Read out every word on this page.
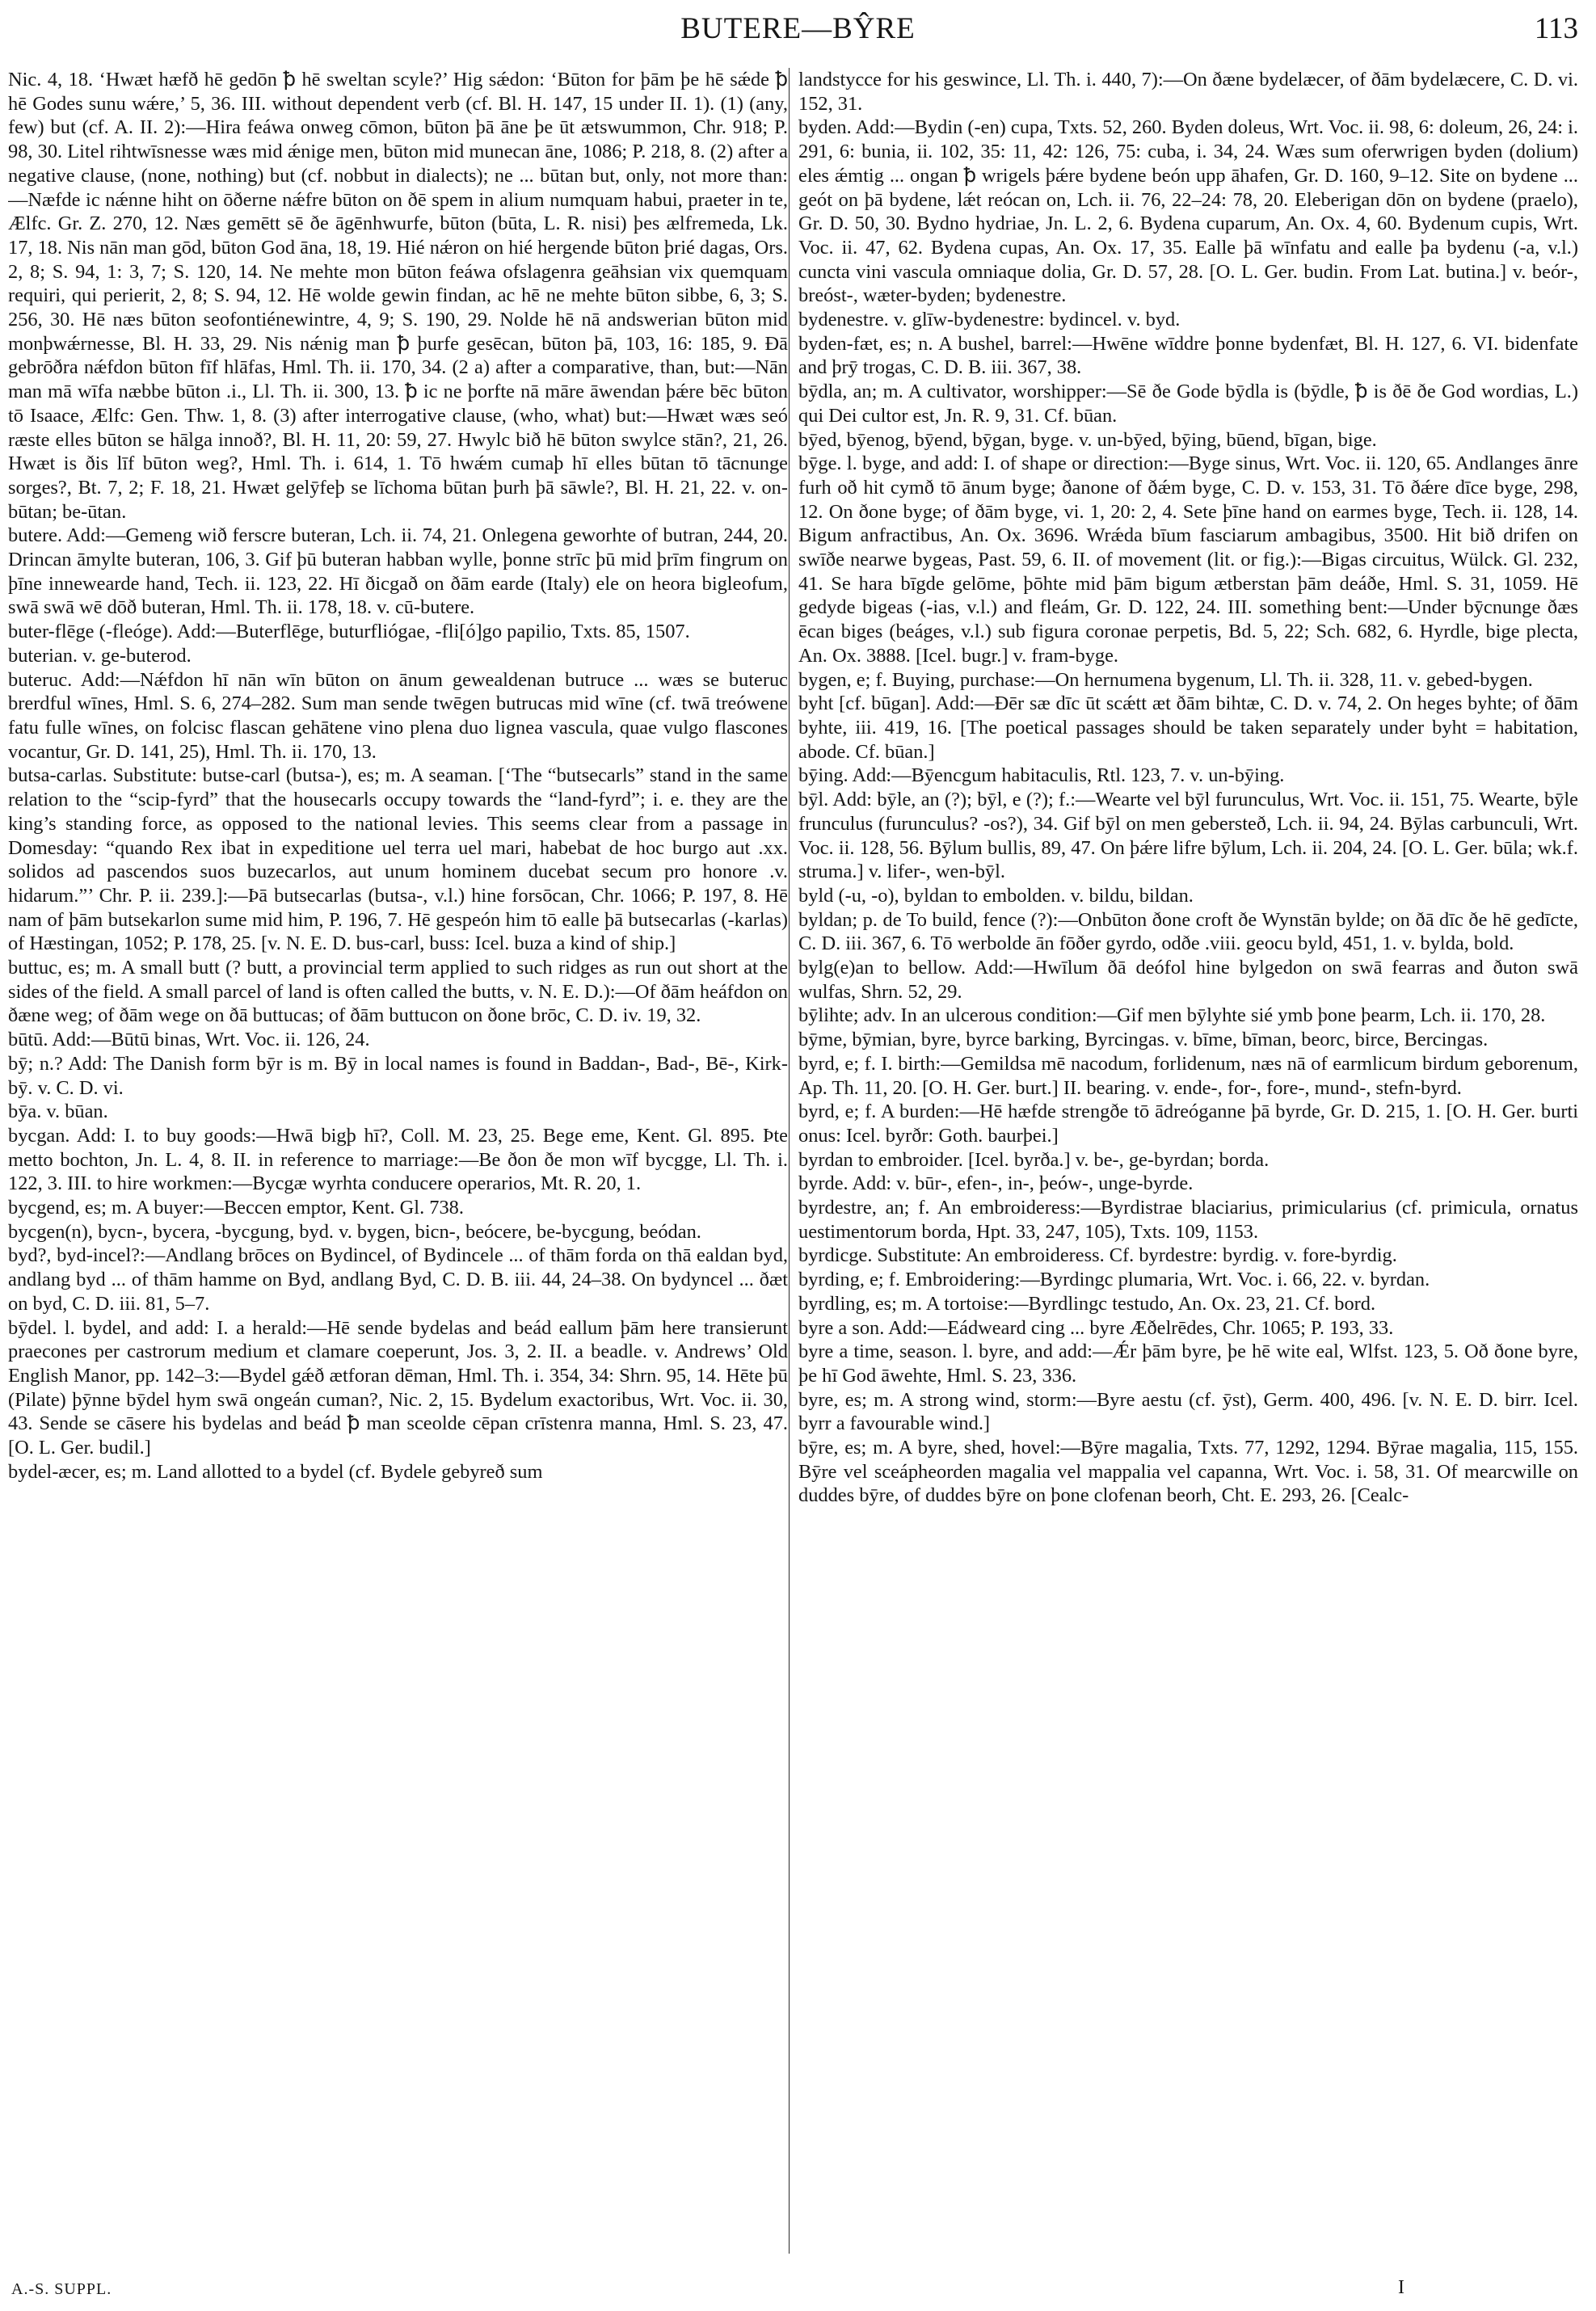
BUTERE—BŶRE	113

Nic. 4, 18. ‘Hwæt hæfð hē gedōn ꝥ hē sweltan scyle?’ Hig sǽdon: ‘Būton for þām þe hē sǽde ꝥ hē Godes sunu wǽre,’ 5, 36. III. without dependent verb (cf. Bl. H. 147, 15 under II. 1). (1) (any, few) but (cf. A. II. 2):—Hira feáwa onweg cōmon, būton þā āne þe ūt ætswummon, Chr. 918; P. 98, 30. Litel rihtwīsnesse wæs mid ǽnige men, būton mid munecan āne, 1086; P. 218, 8. (2) after a negative clause, (none, nothing) but (cf. nobbut in dialects); ne ... būtan but, only, not more than:—Næfde ic nǽnne hiht on ōðerne nǽfre būton on ðē spem in alium numquam habui, praeter in te, Ælfc. Gr. Z. 270, 12. Næs gemētt sē ðe āgēnhwurfe, būton (būta, L. R. nisi) þes ælfremeda, Lk. 17, 18. Nis nān man gōd, būton God āna, 18, 19. Hié nǽron on hié hergende būton þrié dagas, Ors. 2, 8; S. 94, 1: 3, 7; S. 120, 14. Ne mehte mon būton feáwa ofslagenra geāhsian vix quemquam requiri, qui perierit, 2, 8; S. 94, 12. Hē wolde gewin findan, ac hē ne mehte būton sibbe, 6, 3; S. 256, 30. Hē næs būton seofontiénewintre, 4, 9; S. 190, 29. Nolde hē nā andswerian būton mid monþwǽrnesse, Bl. H. 33, 29. Nis nǽnig man ꝥ þurfe gesēcan, būton þā, 103, 16: 185, 9. Ðā gebrōðra nǽfdon būton fīf hlāfas, Hml. Th. ii. 170, 34. (2 a) after a comparative, than, but:—Nān man mā wīfa næbbe būton .i., Ll. Th. ii. 300, 13. ꝥ ic ne þorfte nā māre āwendan þǽre bēc būton tō Isaace, Ælfc: Gen. Thw. 1, 8. (3) after interrogative clause, (who, what) but:—Hwæt wæs seó ræste elles būton se hālga innoð?, Bl. H. 11, 20: 59, 27. Hwylc bið hē būton swylce stān?, 21, 26. Hwæt is ðis līf būton weg?, Hml. Th. i. 614, 1. Tō hwǽm cumaþ hī elles būtan tō tācnunge sorges?, Bt. 7, 2; F. 18, 21. Hwæt gelȳfeþ se līchoma būtan þurh þā sāwle?, Bl. H. 21, 22. v. on-būtan; be-ūtan.

butere. Add:—Gemeng wið ferscre buteran, Lch. ii. 74, 21. Onlegena geworhte of butran, 244, 20. Drincan āmylte buteran, 106, 3. Gif þū buteran habban wylle, þonne strīc þū mid þrīm fingrum on þīne innewearde hand, Tech. ii. 123, 22. Hī ðicgað on ðām earde (Italy) ele on heora bigleofum, swā swā wē dōð buteran, Hml. Th. ii. 178, 18. v. cū-butere.

buter-flēge (-fleóge). Add:—Buterflēge, buturfliógae, -fli[ó]go papilio, Txts. 85, 1507.

buterian. v. ge-buterod.

buteruc. Add:—Nǽfdon hī nān wīn būton on ānum gewealdenan butruce ... wæs se buteruc brerdful wīnes, Hml. S. 6, 274–282. Sum man sende twēgen butrucas mid wīne (cf. twā treówene fatu fulle wīnes, on folcisc flascan gehātene vino plena duo lignea vascula, quae vulgo flascones vocantur, Gr. D. 141, 25), Hml. Th. ii. 170, 13.

butsa-carlas. Substitute: butse-carl (butsa-), es; m. A seaman. [‘The “butsecarls” stand in the same relation to the “scip-fyrd” that the housecarls occupy towards the “land-fyrd”; i. e. they are the king’s standing force, as opposed to the national levies. This seems clear from a passage in Domesday: “quando Rex ibat in expeditione uel terra uel mari, habebat de hoc burgo aut .xx. solidos ad pascendos suos buzecarlos, aut unum hominem ducebat secum pro honore .v. hidarum.”’ Chr. P. ii. 239.]:—Þā butsecarlas (butsa-, v.l.) hine forsōcan, Chr. 1066; P. 197, 8. Hē nam of þām butsekarlon sume mid him, P. 196, 7. Hē gespeón him tō ealle þā butsecarlas (-karlas) of Hæstingan, 1052; P. 178, 25. [v. N. E. D. bus-carl, buss: Icel. buza a kind of ship.]

buttuc, es; m. A small butt (? butt, a provincial term applied to such ridges as run out short at the sides of the field. A small parcel of land is often called the butts, v. N. E. D.):—Of ðām heáfdon on ðæne weg; of ðām wege on ðā buttucas; of ðām buttucon on ðone brōc, C. D. iv. 19, 32.

būtū. Add:—Būtū binas, Wrt. Voc. ii. 126, 24.

bȳ; n.? Add: The Danish form bȳr is m. Bȳ in local names is found in Baddan-, Bad-, Bē-, Kirk-bȳ. v. C. D. vi.

bȳa. v. būan.

bycgan. Add: I. to buy goods:—Hwā bigþ hī?, Coll. M. 23, 25. Bege eme, Kent. Gl. 895. Þte metto bochton, Jn. L. 4, 8. II. in reference to marriage:—Be ðon ðe mon wīf bycgge, Ll. Th. i. 122, 3. III. to hire workmen:—Bycgæ wyrhta conducere operarios, Mt. R. 20, 1.

bycgend, es; m. A buyer:—Beccen emptor, Kent. Gl. 738.

bycgen(n), bycn-, bycera, -bycgung, byd. v. bygen, bicn-, beócere, be-bycgung, beódan.

byd?, byd-incel?:—Andlang brōces on Bydincel, of Bydincele ... of thām forda on thā ealdan byd, andlang byd ... of thām hamme on Byd, andlang Byd, C. D. B. iii. 44, 24–38. On bydyncel ... ðæt on byd, C. D. iii. 81, 5–7.

bȳdel. l. bydel, and add: I. a herald:—Hē sende bydelas and beád eallum þām here transierunt praecones per castrorum medium et clamare coeperunt, Jos. 3, 2. II. a beadle. v. Andrews’ Old English Manor, pp. 142–3:—Bydel gǽð ætforan dēman, Hml. Th. i. 354, 34: Shrn. 95, 14. Hēte þū (Pilate) þȳnne bȳdel hym swā ongeán cuman?, Nic. 2, 15. Bydelum exactoribus, Wrt. Voc. ii. 30, 43. Sende se cāsere his bydelas and beád ꝥ man sceolde cēpan crīstenra manna, Hml. S. 23, 47. [O. L. Ger. budil.]

bydel-æcer, es; m. Land allotted to a bydel (cf. Bydele gebyreð sum

landstycce for his geswince, Ll. Th. i. 440, 7):—On ðæne bydelæcer, of ðām bydelæcere, C. D. vi. 152, 31.

byden. Add:—Bydin (-en) cupa, Txts. 52, 260. Byden doleus, Wrt. Voc. ii. 98, 6: doleum, 26, 24: i. 291, 6: bunia, ii. 102, 35: 11, 42: 126, 75: cuba, i. 34, 24. Wæs sum oferwrigen byden (dolium) eles ǽmtig ... ongan ꝥ wrigels þǽre bydene beón upp āhafen, Gr. D. 160, 9–12. Site on bydene ... geót on þā bydene, lǽt reócan on, Lch. ii. 76, 22–24: 78, 20. Eleberigan dōn on bydene (praelo), Gr. D. 50, 30. Bydno hydriae, Jn. L. 2, 6. Bydena cuparum, An. Ox. 4, 60. Bydenum cupis, Wrt. Voc. ii. 47, 62. Bydena cupas, An. Ox. 17, 35. Ealle þā wīnfatu and ealle þa bydenu (-a, v.l.) cuncta vini vascula omniaque dolia, Gr. D. 57, 28. [O. L. Ger. budin. From Lat. butina.] v. beór-, breóst-, wæter-byden; bydenestre.

bydenestre. v. glīw-bydenestre: bydincel. v. byd.

byden-fæt, es; n. A bushel, barrel:—Hwēne wīddre þonne bydenfæt, Bl. H. 127, 6. VI. bidenfate and þrȳ trogas, C. D. B. iii. 367, 38.

bȳdla, an; m. A cultivator, worshipper:—Sē ðe Gode bȳdla is (bȳdle, ꝥ is ðē ðe God wordias, L.) qui Dei cultor est, Jn. R. 9, 31. Cf. būan.

bȳed, bȳenog, bȳend, bȳgan, byge. v. un-bȳed, bȳing, būend, bīgan, bige.

bȳge. l. byge, and add: I. of shape or direction:—Byge sinus, Wrt. Voc. ii. 120, 65. Andlanges ānre furh oð hit cymð tō ānum byge; ðanone of ðǽm byge, C. D. v. 153, 31. Tō ðǽre dīce byge, 298, 12. On ðone byge; of ðām byge, vi. 1, 20: 2, 4. Sete þīne hand on earmes byge, Tech. ii. 128, 14. Bigum anfractibus, An. Ox. 3696. Wrǽda bīum fasciarum ambagibus, 3500. Hit bið drifen on swīðe nearwe bygeas, Past. 59, 6. II. of movement (lit. or fig.):—Bigas circuitus, Wülck. Gl. 232, 41. Se hara bīgde gelōme, þōhte mid þām bigum ætberstan þām deáðe, Hml. S. 31, 1059. Hē gedyde bigeas (-ias, v.l.) and fleám, Gr. D. 122, 24. III. something bent:—Under bȳcnunge ðæs ēcan biges (beáges, v.l.) sub figura coronae perpetis, Bd. 5, 22; Sch. 682, 6. Hyrdle, bige plecta, An. Ox. 3888. [Icel. bugr.] v. fram-byge.

bygen, e; f. Buying, purchase:—On hernumena bygenum, Ll. Th. ii. 328, 11. v. gebed-bygen.

byht [cf. būgan]. Add:—Ðēr sæ dīc ūt scǽtt æt ðām bihtæ, C. D. v. 74, 2. On heges byhte; of ðām byhte, iii. 419, 16. [The poetical passages should be taken separately under byht = habitation, abode. Cf. būan.]

bȳing. Add:—Bȳencgum habitaculis, Rtl. 123, 7. v. un-bȳing.

bȳl. Add: bȳle, an (?); bȳl, e (?); f.:—Wearte vel bȳl furunculus, Wrt. Voc. ii. 151, 75. Wearte, bȳle frunculus (furunculus? -os?), 34. Gif bȳl on men gebersteð, Lch. ii. 94, 24. Bȳlas carbunculi, Wrt. Voc. ii. 128, 56. Bȳlum bullis, 89, 47. On þǽre lifre bȳlum, Lch. ii. 204, 24. [O. L. Ger. būla; wk.f. struma.] v. lifer-, wen-bȳl.

byld (-u, -o), byldan to embolden. v. bildu, bildan.

byldan; p. de To build, fence (?):—Onbūton ðone croft ðe Wynstān bylde; on ðā dīc ðe hē gedīcte, C. D. iii. 367, 6. Tō werbolde ān fōðer gyrdo, odðe .viii. geocu byld, 451, 1. v. bylda, bold.

bylg(e)an to bellow. Add:—Hwīlum ðā deófol hine bylgedon on swā fearras and ðuton swā wulfas, Shrn. 52, 29.

bȳlihte; adv. In an ulcerous condition:—Gif men bȳlyhte sié ymb þone þearm, Lch. ii. 170, 28.

bȳme, bȳmian, byre, byrce barking, Byrcingas. v. bīme, bīman, beorc, birce, Bercingas.

byrd, e; f. I. birth:—Gemildsa mē nacodum, forlidenum, næs nā of earmlicum birdum geborenum, Ap. Th. 11, 20. [O. H. Ger. burt.] II. bearing. v. ende-, for-, fore-, mund-, stefn-byrd.

byrd, e; f. A burden:—Hē hæfde strengðe tō ādreóganne þā byrde, Gr. D. 215, 1. [O. H. Ger. burti onus: Icel. byrðr: Goth. baurþei.]

byrdan to embroider. [Icel. byrða.] v. be-, ge-byrdan; borda.

byrde. Add: v. būr-, efen-, in-, þeów-, unge-byrde.

byrdestre, an; f. An embroideress:—Byrdistrae blaciarius, primicularius (cf. primicula, ornatus uestimentorum borda, Hpt. 33, 247, 105), Txts. 109, 1153.

byrdicge. Substitute: An embroideress. Cf. byrdestre: byrdig. v. fore-byrdig.

byrding, e; f. Embroidering:—Byrdingc plumaria, Wrt. Voc. i. 66, 22. v. byrdan.

byrdling, es; m. A tortoise:—Byrdlingc testudo, An. Ox. 23, 21. Cf. bord.

byre a son. Add:—Eádweard cing ... byre Æðelrēdes, Chr. 1065; P. 193, 33.

byre a time, season. l. byre, and add:—Ǽr þām byre, þe hē wite eal, Wlfst. 123, 5. Oð ðone byre, þe hī God āwehte, Hml. S. 23, 336.

byre, es; m. A strong wind, storm:—Byre aestu (cf. ȳst), Germ. 400, 496. [v. N. E. D. birr. Icel. byrr a favourable wind.]

bȳre, es; m. A byre, shed, hovel:—Bȳre magalia, Txts. 77, 1292, 1294. Bȳrae magalia, 115, 155. Bȳre vel sceápheorden magalia vel mappalia vel capanna, Wrt. Voc. i. 58, 31. Of mearcwille on duddes bȳre, of duddes bȳre on þone clofenan beorh, Cht. E. 293, 26. [Cealc-

A.-S. SUPPL.	I
